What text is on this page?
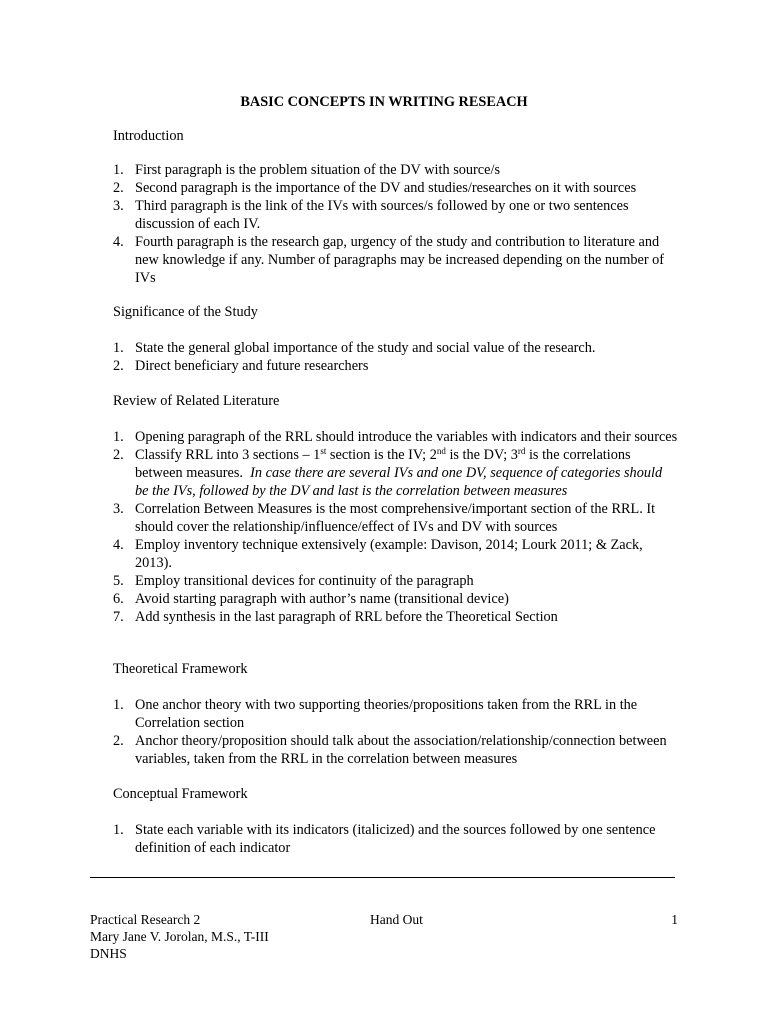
BASIC CONCEPTS IN WRITING RESEACH
Introduction
1. First paragraph is the problem situation of the DV with source/s
2. Second paragraph is the importance of the DV and studies/researches on it with sources
3. Third paragraph is the link of the IVs with sources/s followed by one or two sentences discussion of each IV.
4. Fourth paragraph is the research gap, urgency of the study and contribution to literature and new knowledge if any. Number of paragraphs may be increased depending on the number of IVs
Significance of the Study
1. State the general global importance of the study and social value of the research.
2. Direct beneficiary and future researchers
Review of Related Literature
1. Opening paragraph of the RRL should introduce the variables with indicators and their sources
2. Classify RRL into 3 sections – 1st section is the IV; 2nd is the DV; 3rd is the correlations between measures.  In case there are several IVs and one DV, sequence of categories should be the IVs, followed by the DV and last is the correlation between measures
3. Correlation Between Measures is the most comprehensive/important section of the RRL. It should cover the relationship/influence/effect of IVs and DV with sources
4. Employ inventory technique extensively (example: Davison, 2014; Lourk 2011; & Zack, 2013).
5. Employ transitional devices for continuity of the paragraph
6. Avoid starting paragraph with author’s name (transitional device)
7. Add synthesis in the last paragraph of RRL before the Theoretical Section
Theoretical Framework
1. One anchor theory with two supporting theories/propositions taken from the RRL in the Correlation section
2. Anchor theory/proposition should talk about the association/relationship/connection between variables, taken from the RRL in the correlation between measures
Conceptual Framework
1. State each variable with its indicators (italicized) and the sources followed by one sentence definition of each indicator
Practical Research 2	Hand Out	1
Mary Jane V. Jorolan, M.S., T-III
DNHS
